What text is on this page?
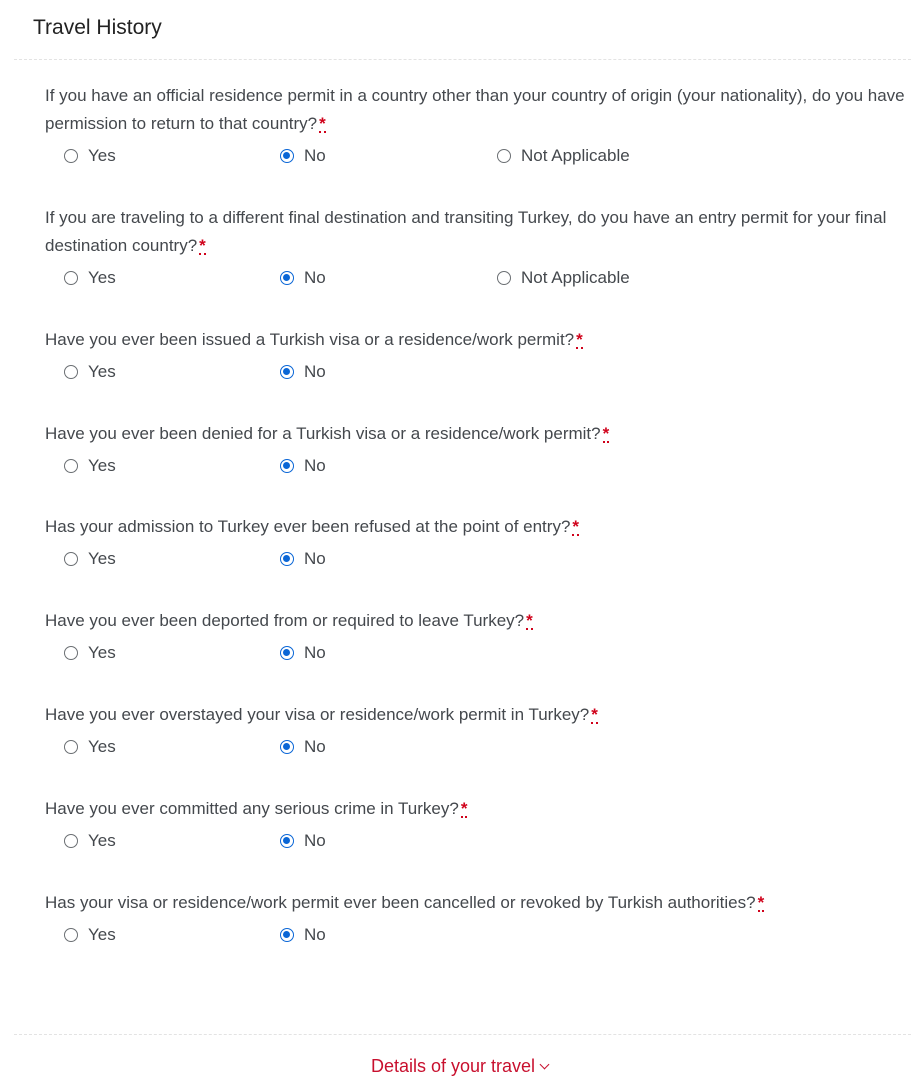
Travel History
If you have an official residence permit in a country other than your country of origin (your nationality), do you have permission to return to that country? *
Yes	No	Not Applicable
If you are traveling to a different final destination and transiting Turkey, do you have an entry permit for your final destination country? *
Yes	No	Not Applicable
Have you ever been issued a Turkish visa or a residence/work permit? *
Yes	No
Have you ever been denied for a Turkish visa or a residence/work permit? *
Yes	No
Has your admission to Turkey ever been refused at the point of entry? *
Yes	No
Have you ever been deported from or required to leave Turkey? *
Yes	No
Have you ever overstayed your visa or residence/work permit in Turkey? *
Yes	No
Have you ever committed any serious crime in Turkey? *
Yes	No
Has your visa or residence/work permit ever been cancelled or revoked by Turkish authorities? *
Yes	No
Details of your travel
